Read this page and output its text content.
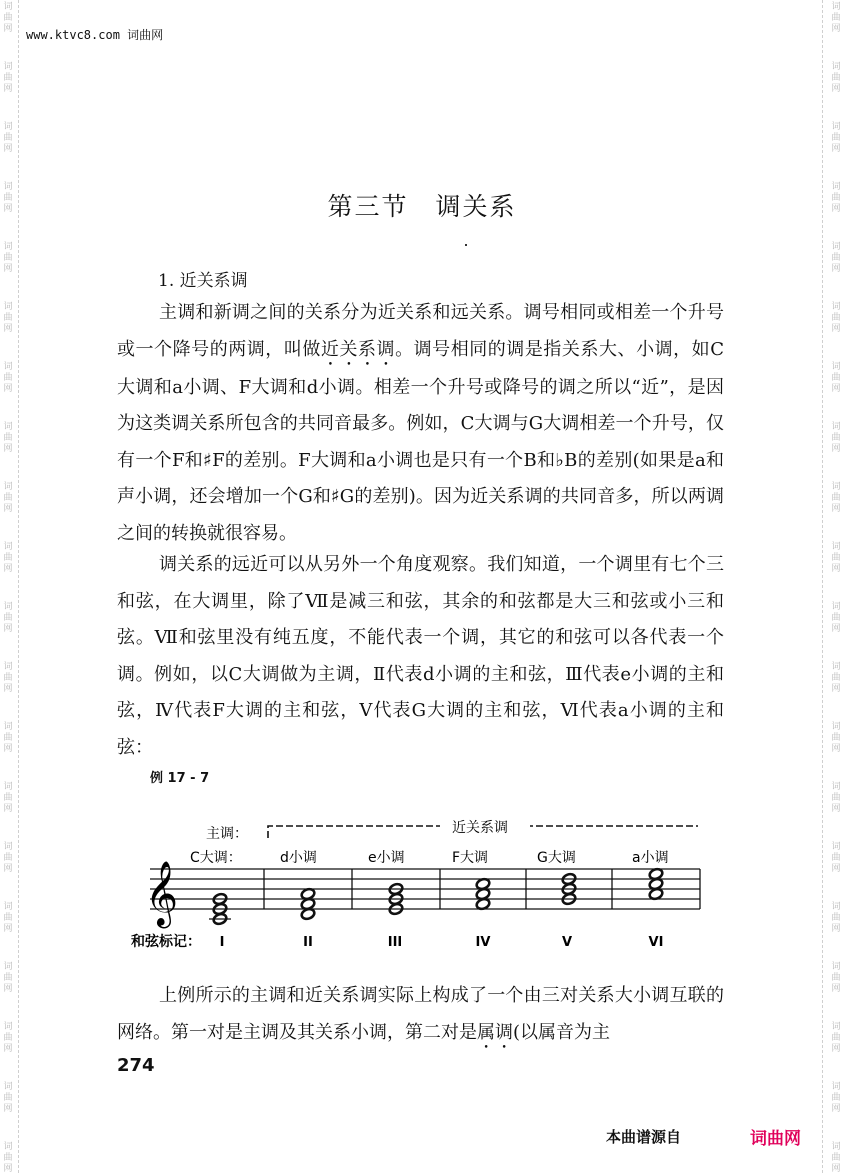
词
曲
网
词
曲
网
词
曲
网
词
曲
网
词
曲
网
词
曲
网
词
曲
网
词
曲
网
词
曲
网
词
曲
网
词
曲
网
词
曲
网
词
曲
网
词
曲
网
词
曲
网
词
曲
网
词
曲
网
词
曲
网
词
曲
网
词
曲
网
词
曲
网
词
曲
网
词
曲
网
词
曲
网
词
曲
网
词
曲
网
词
曲
网
词
曲
网
词
曲
网
词
曲
网
词
曲
网
词
曲
网
词
曲
网
词
曲
网
词
曲
网
词
曲
网
词
曲
网
词
曲
网
词
曲
网
词
曲
网
www.ktvc8.com 词曲网
第三节　调关系
1. 近关系调

主调和新调之间的关系分为近关系和远关系。调号相同或相差一个升号或一个降号的两调，叫做近关系调。调号相同的调是指关系大、小调，如C大调和a小调、F大调和d小调。相差一个升号或降号的调之所以“近”，是因为这类调关系所包含的共同音最多。例如，C大调与G大调相差一个升号，仅有一个F和♯F的差别。F大调和a小调也是只有一个B和♭B的差别(如果是a和声小调，还会增加一个G和♯G的差别)。因为近关系调的共同音多，所以两调之间的转换就很容易。

调关系的远近可以从另外一个角度观察。我们知道，一个调里有七个三和弦，在大调里，除了Ⅶ是减三和弦，其余的和弦都是大三和弦或小三和弦。Ⅶ和弦里没有纯五度，不能代表一个调，其它的和弦可以各代表一个调。例如，以C大调做为主调，Ⅱ代表d小调的主和弦，Ⅲ代表e小调的主和弦，Ⅳ代表F大调的主和弦，Ⅴ代表G大调的主和弦，Ⅵ代表a小调的主和弦：

例 17 - 7
主调：	近关系调
C大调：	d小调	e小调	F大调	G大调	a小调
𝄞
和弦标记： I	II	III	IV	V	VI

上例所示的主调和近关系调实际上构成了一个由三对关系大小调互联的网络。第一对是主调及其关系小调，第二对是属调(以属音为主

274
本曲谱源自	词曲网
